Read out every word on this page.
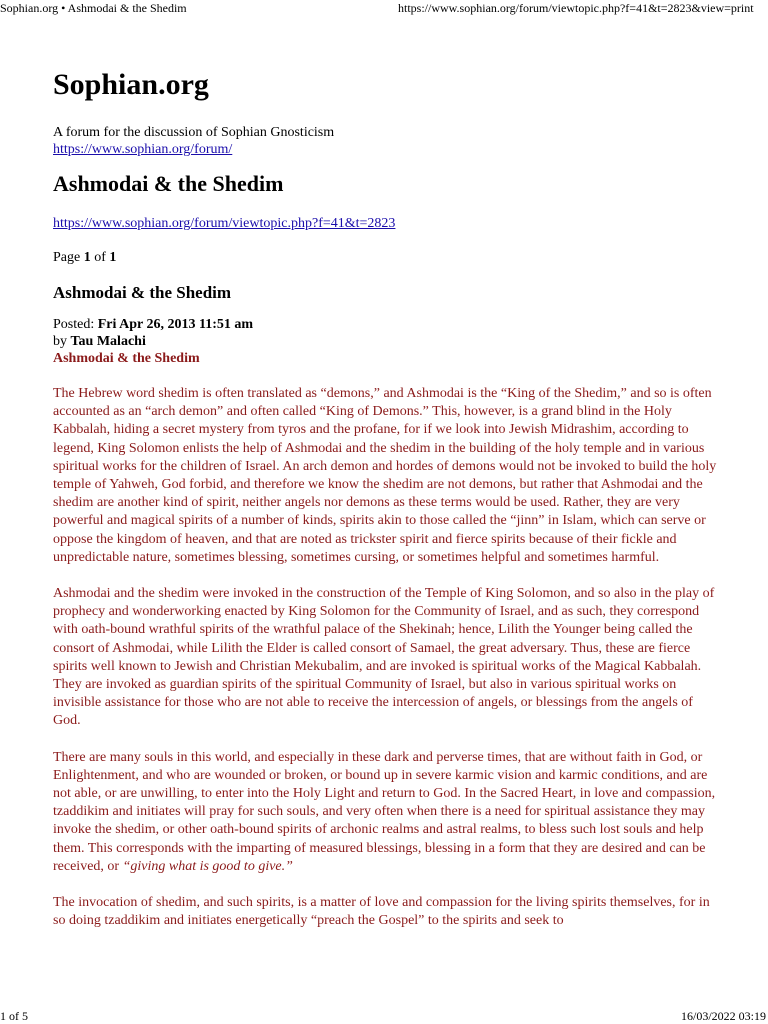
Sophian.org • Ashmodai & the Shedim	https://www.sophian.org/forum/viewtopic.php?f=41&t=2823&view=print
Sophian.org
A forum for the discussion of Sophian Gnosticism
https://www.sophian.org/forum/
Ashmodai & the Shedim
https://www.sophian.org/forum/viewtopic.php?f=41&t=2823
Page 1 of 1
Ashmodai & the Shedim
Posted: Fri Apr 26, 2013 11:51 am
by Tau Malachi
Ashmodai & the Shedim

The Hebrew word shedim is often translated as “demons,” and Ashmodai is the “King of the Shedim,” and so is often accounted as an “arch demon” and often called “King of Demons.” This, however, is a grand blind in the Holy Kabbalah, hiding a secret mystery from tyros and the profane, for if we look into Jewish Midrashim, according to legend, King Solomon enlists the help of Ashmodai and the shedim in the building of the holy temple and in various spiritual works for the children of Israel. An arch demon and hordes of demons would not be invoked to build the holy temple of Yahweh, God forbid, and therefore we know the shedim are not demons, but rather that Ashmodai and the shedim are another kind of spirit, neither angels nor demons as these terms would be used. Rather, they are very powerful and magical spirits of a number of kinds, spirits akin to those called the “jinn” in Islam, which can serve or oppose the kingdom of heaven, and that are noted as trickster spirit and fierce spirits because of their fickle and unpredictable nature, sometimes blessing, sometimes cursing, or sometimes helpful and sometimes harmful.

Ashmodai and the shedim were invoked in the construction of the Temple of King Solomon, and so also in the play of prophecy and wonderworking enacted by King Solomon for the Community of Israel, and as such, they correspond with oath-bound wrathful spirits of the wrathful palace of the Shekinah; hence, Lilith the Younger being called the consort of Ashmodai, while Lilith the Elder is called consort of Samael, the great adversary. Thus, these are fierce spirits well known to Jewish and Christian Mekubalim, and are invoked is spiritual works of the Magical Kabbalah. They are invoked as guardian spirits of the spiritual Community of Israel, but also in various spiritual works on invisible assistance for those who are not able to receive the intercession of angels, or blessings from the angels of God.

There are many souls in this world, and especially in these dark and perverse times, that are without faith in God, or Enlightenment, and who are wounded or broken, or bound up in severe karmic vision and karmic conditions, and are not able, or are unwilling, to enter into the Holy Light and return to God. In the Sacred Heart, in love and compassion, tzaddikim and initiates will pray for such souls, and very often when there is a need for spiritual assistance they may invoke the shedim, or other oath-bound spirits of archonic realms and astral realms, to bless such lost souls and help them. This corresponds with the imparting of measured blessings, blessing in a form that they are desired and can be received, or “giving what is good to give.”

The invocation of shedim, and such spirits, is a matter of love and compassion for the living spirits themselves, for in so doing tzaddikim and initiates energetically “preach the Gospel” to the spirits and seek to

1 of 5	16/03/2022 03:19
